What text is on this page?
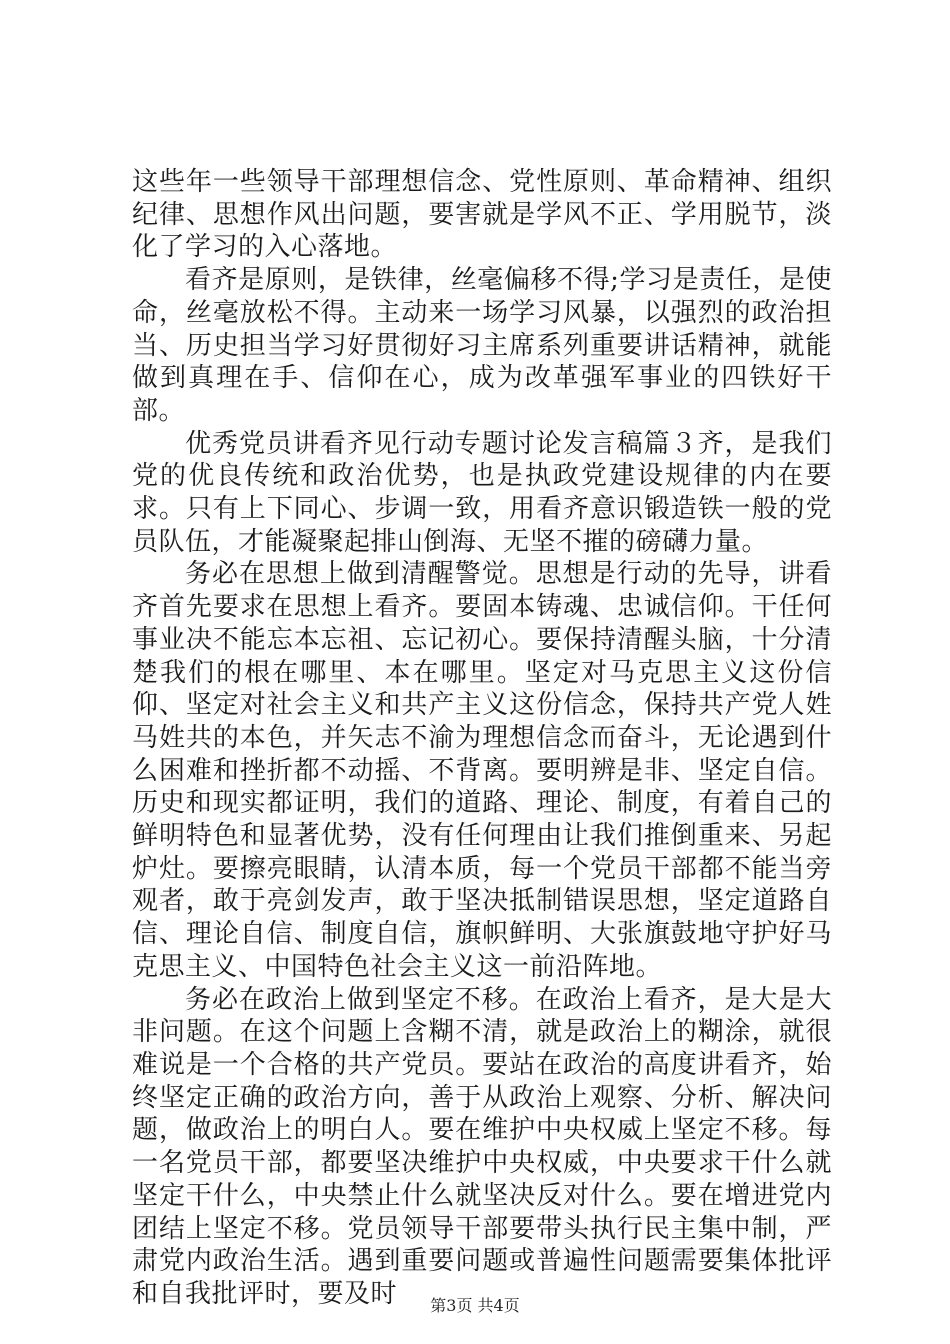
这些年一些领导干部理想信念、党性原则、革命精神、组织纪律、思想作风出问题，要害就是学风不正、学用脱节，淡化了学习的入心落地。

看齐是原则，是铁律，丝毫偏移不得;学习是责任，是使命，丝毫放松不得。主动来一场学习风暴，以强烈的政治担当、历史担当学习好贯彻好习主席系列重要讲话精神，就能做到真理在手、信仰在心，成为改革强军事业的四铁好干部。

优秀党员讲看齐见行动专题讨论发言稿篇３齐，是我们党的优良传统和政治优势，也是执政党建设规律的内在要求。只有上下同心、步调一致，用看齐意识锻造铁一般的党员队伍，才能凝聚起排山倒海、无坚不摧的磅礴力量。

务必在思想上做到清醒警觉。思想是行动的先导，讲看齐首先要求在思想上看齐。要固本铸魂、忠诚信仰。干任何事业决不能忘本忘祖、忘记初心。要保持清醒头脑，十分清楚我们的根在哪里、本在哪里。坚定对马克思主义这份信仰、坚定对社会主义和共产主义这份信念，保持共产党人姓马姓共的本色，并矢志不渝为理想信念而奋斗，无论遇到什么困难和挫折都不动摇、不背离。要明辨是非、坚定自信。历史和现实都证明，我们的道路、理论、制度，有着自己的鲜明特色和显著优势，没有任何理由让我们推倒重来、另起炉灶。要擦亮眼睛，认清本质，每一个党员干部都不能当旁观者，敢于亮剑发声，敢于坚决抵制错误思想，坚定道路自信、理论自信、制度自信，旗帜鲜明、大张旗鼓地守护好马克思主义、中国特色社会主义这一前沿阵地。

务必在政治上做到坚定不移。在政治上看齐，是大是大非问题。在这个问题上含糊不清，就是政治上的糊涂，就很难说是一个合格的共产党员。要站在政治的高度讲看齐，始终坚定正确的政治方向，善于从政治上观察、分析、解决问题，做政治上的明白人。要在维护中央权威上坚定不移。每一名党员干部，都要坚决维护中央权威，中央要求干什么就坚定干什么，中央禁止什么就坚决反对什么。要在增进党内团结上坚定不移。党员领导干部要带头执行民主集中制，严肃党内政治生活。遇到重要问题或普遍性问题需要集体批评和自我批评时，要及时	第3页 共4页
